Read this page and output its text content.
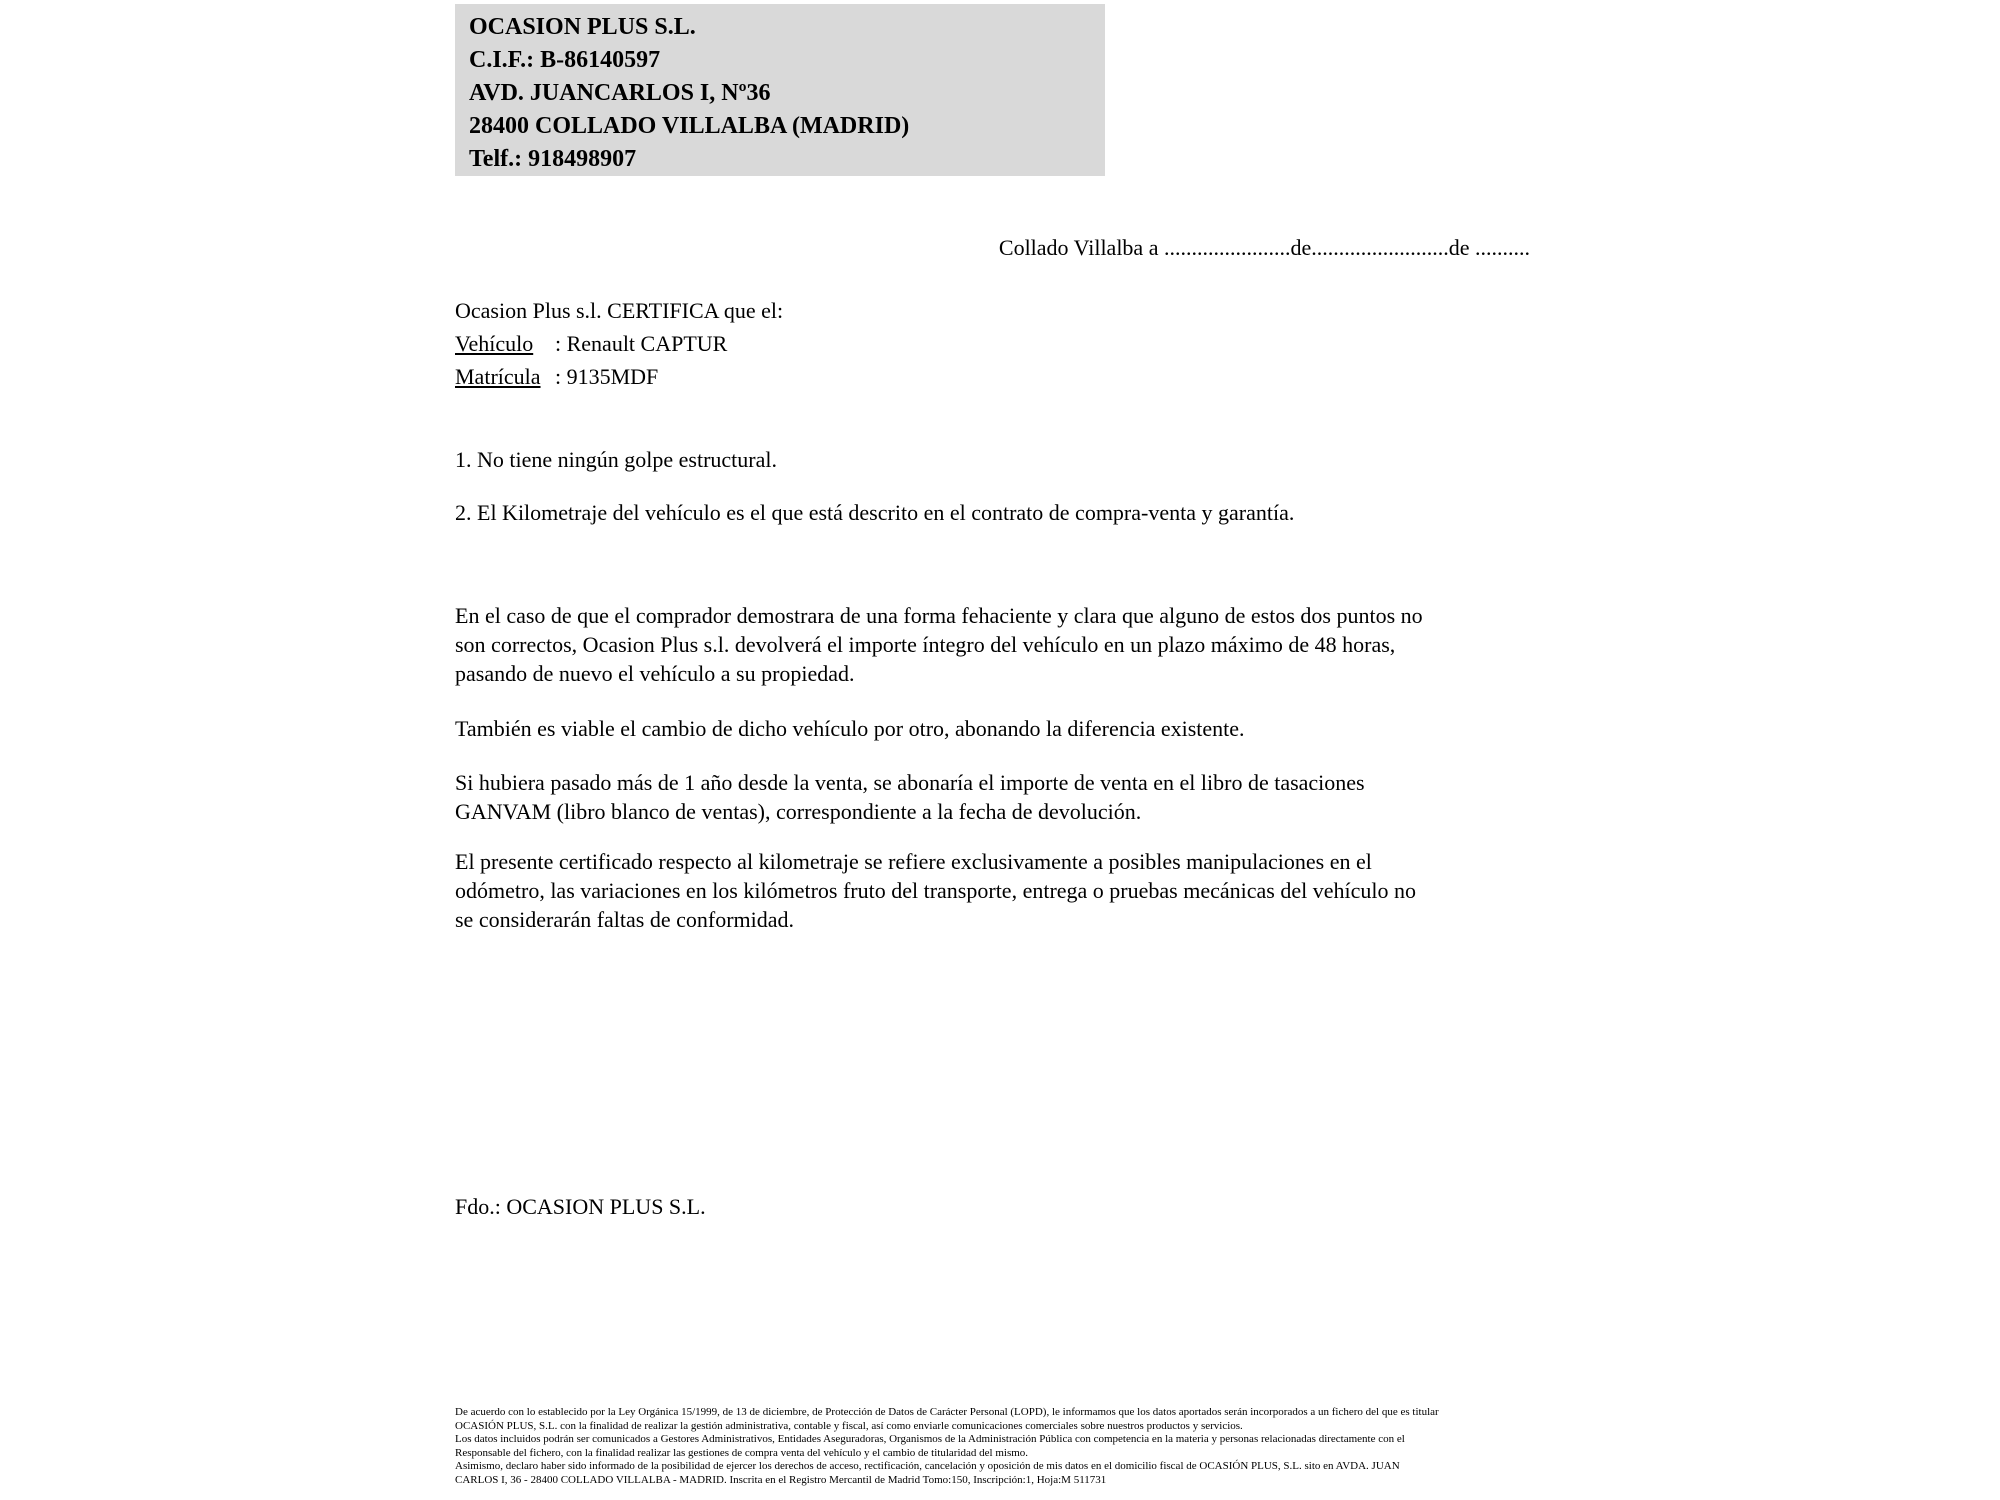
OCASION PLUS S.L.
C.I.F.: B-86140597
AVD. JUANCARLOS I, Nº36
28400 COLLADO VILLALBA (MADRID)
Telf.: 918498907
Collado Villalba a .......................de.........................de ..........
Ocasion Plus s.l. CERTIFICA que el:
Vehículo : Renault CAPTUR
Matrícula : 9135MDF
1. No tiene ningún golpe estructural.
2. El Kilometraje del vehículo es el que está descrito en el contrato de compra-venta y garantía.
En el caso de que el comprador demostrara de una forma fehaciente y clara que alguno de estos dos puntos no
son correctos, Ocasion Plus s.l. devolverá el importe íntegro del vehículo en un plazo máximo de 48 horas,
pasando de nuevo el vehículo a su propiedad.
También es viable el cambio de dicho vehículo por otro, abonando la diferencia existente.
Si hubiera pasado más de 1 año desde la venta, se abonaría el importe de venta en el libro de tasaciones
GANVAM (libro blanco de ventas), correspondiente a la fecha de devolución.
El presente certificado respecto al kilometraje se refiere exclusivamente a posibles manipulaciones en el
odómetro, las variaciones en los kilómetros fruto del transporte, entrega o pruebas mecánicas del vehículo no
se considerarán faltas de conformidad.
Fdo.: OCASION PLUS S.L.
De acuerdo con lo establecido por la Ley Orgánica 15/1999, de 13 de diciembre, de Protección de Datos de Carácter Personal (LOPD), le informamos que los datos aportados serán incorporados a un fichero del que es titular
OCASIÓN PLUS, S.L. con la finalidad de realizar la gestión administrativa, contable y fiscal, así como enviarle comunicaciones comerciales sobre nuestros productos y servicios.
Los datos incluidos podrán ser comunicados a Gestores Administrativos, Entidades Aseguradoras, Organismos de la Administración Pública con competencia en la materia y personas relacionadas directamente con el
Responsable del fichero, con la finalidad realizar las gestiones de compra venta del vehículo y el cambio de titularidad del mismo.
Asimismo, declaro haber sido informado de la posibilidad de ejercer los derechos de acceso, rectificación, cancelación y oposición de mis datos en el domicilio fiscal de OCASIÓN PLUS, S.L. sito en AVDA. JUAN
CARLOS I, 36 - 28400 COLLADO VILLALBA - MADRID. Inscrita en el Registro Mercantil de Madrid Tomo:150, Inscripción:1, Hoja:M 511731
